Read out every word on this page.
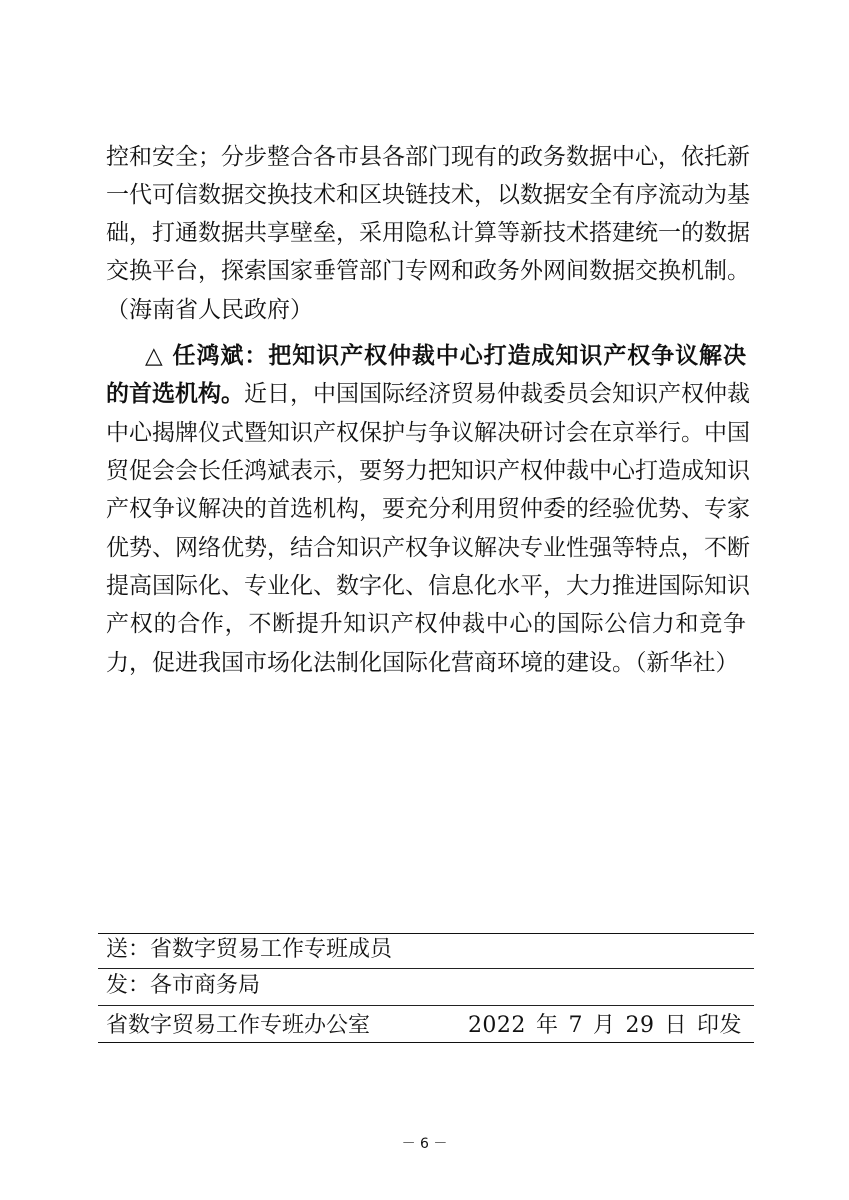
控和安全；分步整合各市县各部门现有的政务数据中心，依托新
一代可信数据交换技术和区块链技术，以数据安全有序流动为基
础，打通数据共享壁垒，采用隐私计算等新技术搭建统一的数据
交换平台，探索国家垂管部门专网和政务外网间数据交换机制。
（海南省人民政府）
△ 任鸿斌：把知识产权仲裁中心打造成知识产权争议解决
的首选机构。近日，中国国际经济贸易仲裁委员会知识产权仲裁
中心揭牌仪式暨知识产权保护与争议解决研讨会在京举行。中国
贸促会会长任鸿斌表示，要努力把知识产权仲裁中心打造成知识
产权争议解决的首选机构，要充分利用贸仲委的经验优势、专家
优势、网络优势，结合知识产权争议解决专业性强等特点，不断
提高国际化、专业化、数字化、信息化水平，大力推进国际知识
产权的合作，不断提升知识产权仲裁中心的国际公信力和竞争
力，促进我国市场化法制化国际化营商环境的建设。（新华社）
送：省数字贸易工作专班成员
发：各市商务局
省数字贸易工作专班办公室	2022 年 7 月 29 日 印发
－ 6 －
